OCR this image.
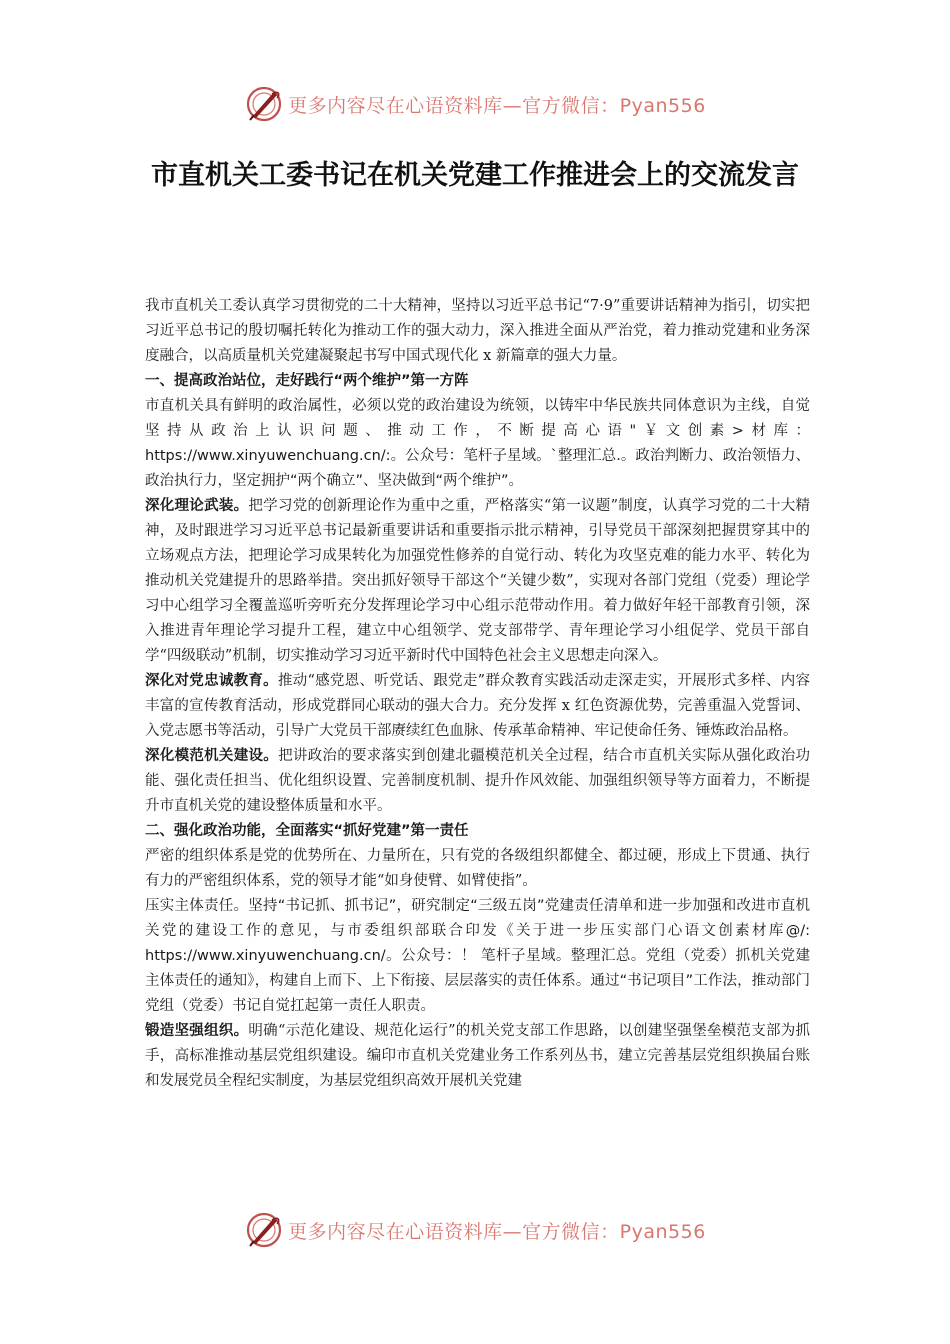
更多内容尽在心语资料库—官方微信：Pyan556
市直机关工委书记在机关党建工作推进会上的交流发言

我市直机关工委认真学习贯彻党的二十大精神，坚持以习近平总书记“7·9”重要讲话精神为指引，切实把习近平总书记的殷切嘱托转化为推动工作的强大动力，深入推进全面从严治党，着力推动党建和业务深度融合，以高质量机关党建凝聚起书写中国式现代化 x 新篇章的强大力量。

一、提高政治站位，走好践行“两个维护”第一方阵

市直机关具有鲜明的政治属性，必须以党的政治建设为统领，以铸牢中华民族共同体意识为主线，自觉坚持从政治上认识问题、推动工作，不断提高心语"￥文创素>材库：https://www.xinyuwenchuang.cn/:。公众号：笔杆子星域。`整理汇总.。政治判断力、政治领悟力、政治执行力，坚定拥护“两个确立”、坚决做到“两个维护”。

深化理论武装。把学习党的创新理论作为重中之重，严格落实“第一议题”制度，认真学习党的二十大精神，及时跟进学习习近平总书记最新重要讲话和重要指示批示精神，引导党员干部深刻把握贯穿其中的立场观点方法，把理论学习成果转化为加强党性修养的自觉行动、转化为攻坚克难的能力水平、转化为推动机关党建提升的思路举措。突出抓好领导干部这个“关键少数”，实现对各部门党组（党委）理论学习中心组学习全覆盖巡听旁听充分发挥理论学习中心组示范带动作用。着力做好年轻干部教育引领，深入推进青年理论学习提升工程，建立中心组领学、党支部带学、青年理论学习小组促学、党员干部自学“四级联动”机制，切实推动学习习近平新时代中国特色社会主义思想走向深入。

深化对党忠诚教育。推动“感党恩、听党话、跟党走”群众教育实践活动走深走实，开展形式多样、内容丰富的宣传教育活动，形成党群同心联动的强大合力。充分发挥 x 红色资源优势，完善重温入党誓词、入党志愿书等活动，引导广大党员干部赓续红色血脉、传承革命精神、牢记使命任务、锤炼政治品格。

深化模范机关建设。把讲政治的要求落实到创建北疆模范机关全过程，结合市直机关实际从强化政治功能、强化责任担当、优化组织设置、完善制度机制、提升作风效能、加强组织领导等方面着力，不断提升市直机关党的建设整体质量和水平。

二、强化政治功能，全面落实“抓好党建”第一责任

严密的组织体系是党的优势所在、力量所在，只有党的各级组织都健全、都过硬，形成上下贯通、执行有力的严密组织体系，党的领导才能“如身使臂、如臂使指”。

压实主体责任。坚持“书记抓、抓书记”，研究制定“三级五岗”党建责任清单和进一步加强和改进市直机关党的建设工作的意见，与市委组织部联合印发《关于进一步压实部门心语文创素材库@/: https://www.xinyuwenchuang.cn/。公众号：！ 笔杆子星域。整理汇总。党组（党委）抓机关党建主体责任的通知》，构建自上而下、上下衔接、层层落实的责任体系。通过“书记项目”工作法，推动部门党组（党委）书记自觉扛起第一责任人职责。

锻造坚强组织。明确“示范化建设、规范化运行”的机关党支部工作思路，以创建坚强堡垒模范支部为抓手，高标准推动基层党组织建设。编印市直机关党建业务工作系列丛书，建立完善基层党组织换届台账和发展党员全程纪实制度，为基层党组织高效开展机关党建

更多内容尽在心语资料库—官方微信：Pyan556
